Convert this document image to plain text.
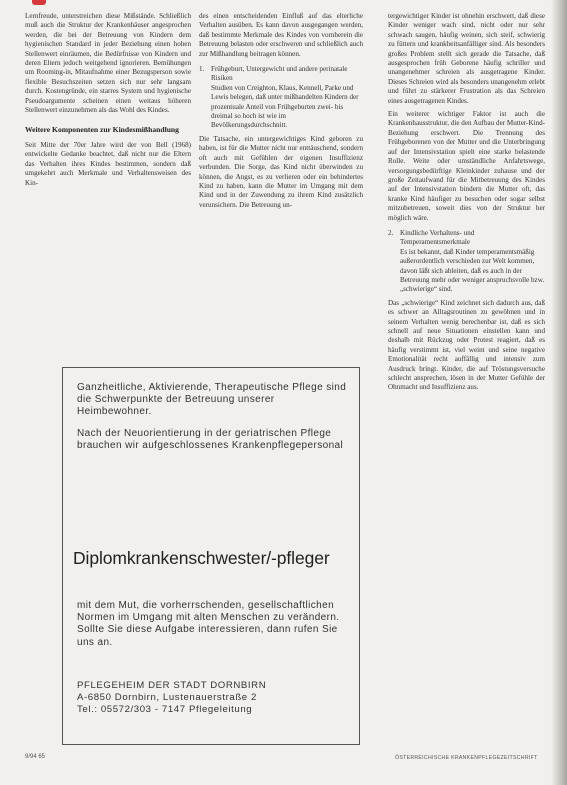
Lernfreude, unterstreichen diese Mißstände. Schließlich muß auch die Struktur der Krankenhäuser angesprochen werden, die bei der Betreuung von Kindern dem hygienischen Standard in jeder Beziehung einen hohen Stellenwert einräumen, die Bedürfnisse von Kindern und deren Eltern jedoch weitgehend ignorieren. Bemühungen um Rooming-in, Mitaufnahme einer Bezugsperson sowie flexible Besuchszeiten setzen sich nur sehr langsam durch. Kostengründe, ein starres System und hygienische Pseudoargumente scheinen einen weitaus höheren Stellenwert einzunehmen als das Wohl des Kindes.

Weitere Komponenten zur Kindesmißhandlung

Seit Mitte der 70er Jahre wird der von Bell (1968) entwickelte Gedanke beachtet, daß nicht nur die Eltern das Verhalten ihres Kindes bestimmen, sondern daß umgekehrt auch Merkmale und Verhaltensweisen des Kin-

des einen entscheidenden Einfluß auf das elterliche Verhalten ausüben. Es kann davon ausgegangen werden, daß bestimmte Merkmale des Kindes von vornherein die Betreuung belasten oder erschweren und schließlich auch zur Mißhandlung beitragen können.

1. Frühgeburt, Untergewicht und andere perinatale Risiken
Studien von Creighton, Klaus, Kennell, Parke und Lewis belegen, daß unter mißhandelten Kindern der prozentuale Anteil von Frühgeburten zwei- bis dreimal so hoch ist wie im Bevölkerungsdurchschnitt.

Die Tatsache, ein untergewichtiges Kind geboren zu haben, ist für die Mutter nicht nur enttäuschend, sondern oft auch mit Gefühlen der eigenen Insuffizienz verbunden. Die Sorge, das Kind nicht überwinden zu können, die Angst, es zu verlieren oder ein behindertes Kind zu haben, kann die Mutter im Umgang mit dem Kind und in der Zuwendung zu ihrem Kind zusätzlich verunsichern. Die Betreuung un-

tergewichtiger Kinder ist ohnehin erschwert, daß diese Kinder weniger wach sind, nicht oder nur sehr schwach saugen, häufig weinen, sich steif, schwierig zu füttern und krankheitsanfälliger sind. Als besonders großes Problem stellt sich gerade die Tatsache, daß ausgesprochen früh Geborene häufig schriller und unangenehmer schreien als ausgetragene Kinder. Dieses Schreien wird als besonders unangenehm erlebt und führt zu stärkerer Frustration als das Schreien eines ausgetragenen Kindes.

Ein weiterer wichtiger Faktor ist auch die Krankenhausstruktur, die den Aufbau der Mutter-Kind-Beziehung erschwert. Die Trennung des Frühgeborenen von der Mutter und die Unterbringung auf der Intensivstation spielt eine starke belastende Rolle. Weite oder umständliche Anfahrtswege, versorgungsbedürftige Kleinkinder zuhause und der große Zeitaufwand für die Mitbetreuung des Kindes auf der Intensivstation bindern die Mutter oft, das kranke Kind häufiger zu besuchen oder sogar selbst mitzubetreuen, soweit dies von der Struktur her möglich wäre.

2. Kindliche Verhaltens- und Temperamentsmerkmale
Es ist bekannt, daß Kinder temperamentsmäßig außerordentlich verschieden zur Welt kommen, davon läßt sich ableiten, daß es auch in der Betreuung mehr oder weniger anspruchsvolle bzw. „schwierige“ sind.

Das „schwierige“ Kind zeichnet sich dadurch aus, daß es schwer an Alltagsroutinen zu gewöhnen und in seinem Verhalten wenig berechenbar ist, daß es sich schnell auf neue Situationen einstellen kann und deshalb mit Rückzug oder Protest reagiert, daß es häufig verstimmt ist, viel weint und seine negative Emotionalität recht auffällig und intensiv zum Ausdruck bringt. Kinder, die auf Tröstungsversuche schlecht ansprechen, lösen in der Mutter Gefühle der Ohnmacht und Insuffizienz aus.

Ganzheitliche, Aktivierende, Therapeutische Pflege sind die Schwerpunkte der Betreuung unserer Heimbewohner.

Nach der Neuorientierung in der geriatrischen Pflege brauchen wir aufgeschlossenes Krankenpflegepersonal

Diplomkrankenschwester/-pfleger

mit dem Mut, die vorherrschenden, gesellschaftlichen Normen im Umgang mit alten Menschen zu verändern. Sollte Sie diese Aufgabe interessieren, dann rufen Sie uns an.

PFLEGEHEIM DER STADT DORNBIRN
A-6850 Dornbirn, Lustenauerstraße 2
Tel.: 05572/303 - 7147 Pflegeleitung
9/94 65	ÖSTERREICHISCHE KRANKENPFLEGEZEITSCHRIFT
